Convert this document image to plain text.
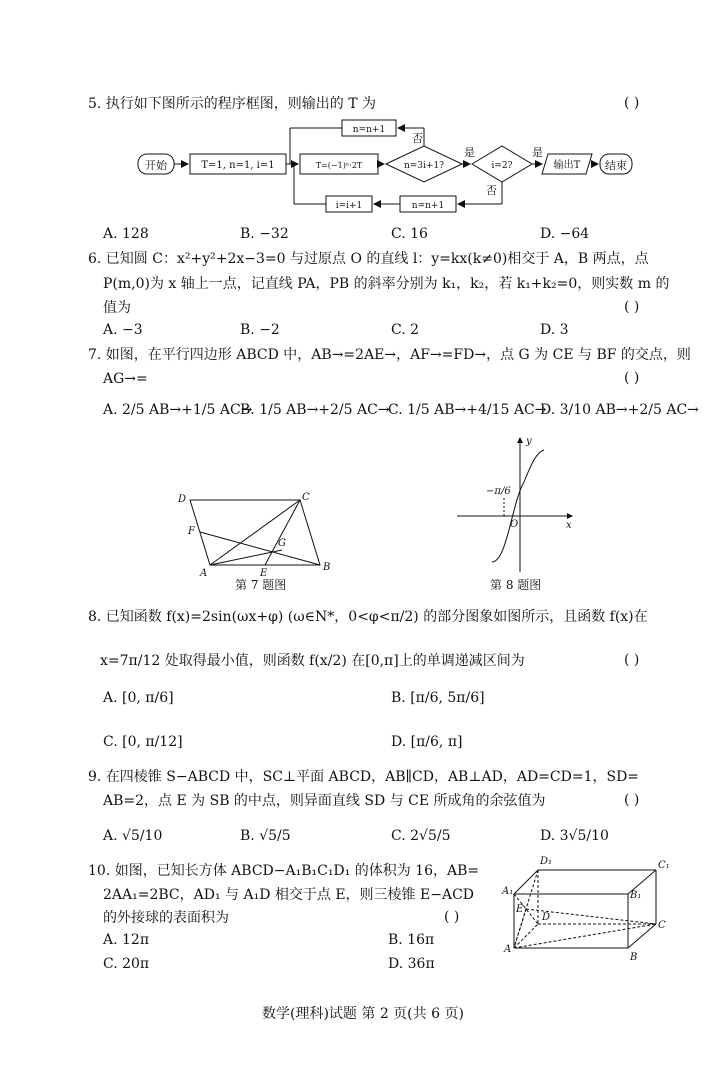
5. 执行如下图所示的程序框图，则输出的 T 为	( )
开始	T=1, n=1, i=1	T=(−1)ⁿ·2T	n=3i+1?	i=2?	输出T 结束
n=n+1
n=n+1
i=i+1
是
否
是
否
A. 128	B. −32	C. 16	D. −64
6. 已知圆 C：x²+y²+2x−3=0 与过原点 O 的直线 l：y=kx(k≠0)相交于 A，B 两点，点
P(m,0)为 x 轴上一点，记直线 PA，PB 的斜率分别为 k₁，k₂，若 k₁+k₂=0，则实数 m 的
值为	( )
A. −3	B. −2	C. 2	D. 3
7. 如图，在平行四边形 ABCD 中，AB→=2AE→，AF→=FD→，点 G 为 CE 与 BF 的交点，则
AG→=	( )
A. 2/5 AB→+1/5 AC→
B. 1/5 AB→+2/5 AC→
C. 1/5 AB→+4/15 AC→
D. 3/10 AB→+2/5 AC→
A
B
C
D
E
F
G
第 7 题图
y
x
O
−π/6
第 8 题图
8. 已知函数 f(x)=2sin(ωx+φ) (ω∈N*，0<φ<π/2) 的部分图象如图所示，且函数 f(x)在
x=7π/12 处取得最小值，则函数 f(x/2) 在[0,π]上的单调递减区间为	( )
A. [0, π/6]	B. [π/6, 5π/6]
C. [0, π/12]	D. [π/6, π]
9. 在四棱锥 S−ABCD 中，SC⊥平面 ABCD，AB∥CD，AB⊥AD，AD=CD=1，SD=
AB=2，点 E 为 SB 的中点，则异面直线 SD 与 CE 所成角的余弦值为	( )
A. √5/10	B. √5/5	C. 2√5/5	D. 3√5/10
10. 如图，已知长方体 ABCD−A₁B₁C₁D₁ 的体积为 16，AB=
2AA₁=2BC，AD₁ 与 A₁D 相交于点 E，则三棱锥 E−ACD
的外接球的表面积为	( )
A. 12π	B. 16π
C. 20π	D. 36π
D₁	C₁
A₁	B₁
E
D
C
A
B
数学(理科)试题 第 2 页(共 6 页)
